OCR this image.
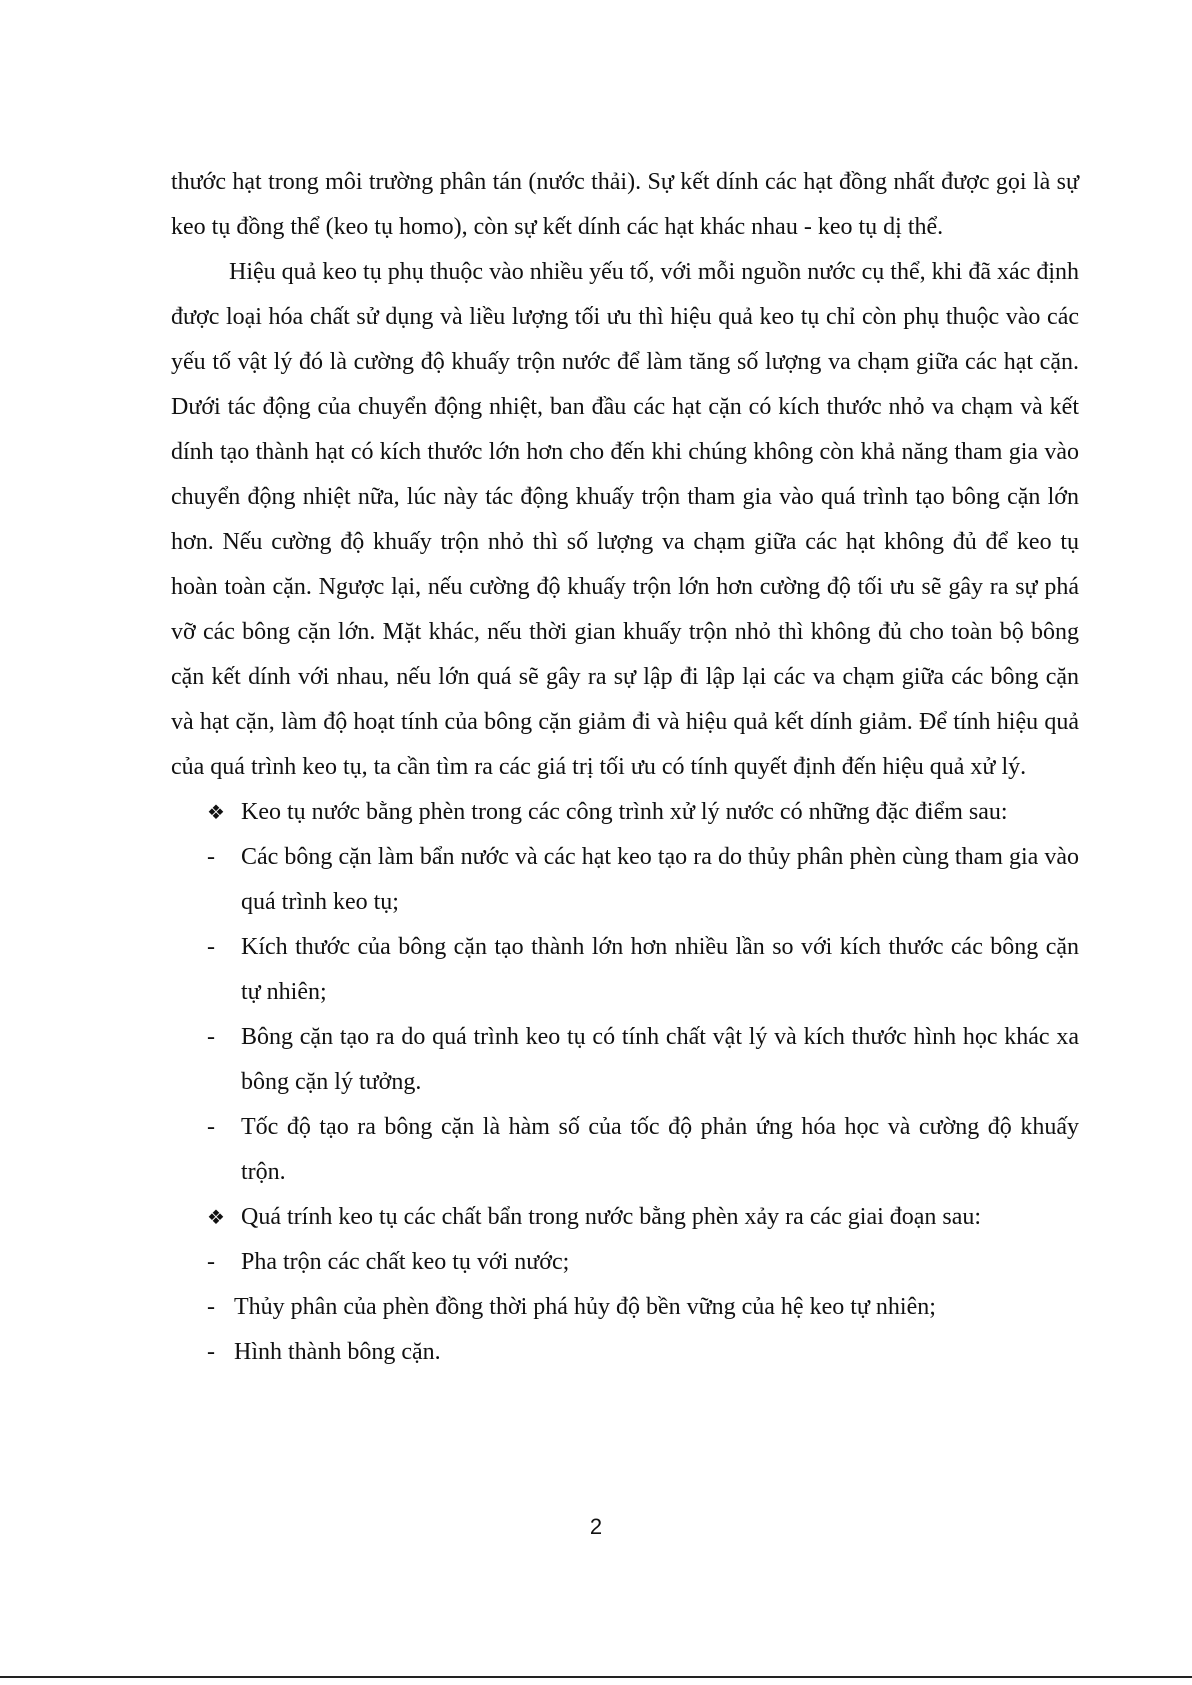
thước hạt trong môi trường phân tán (nước thải). Sự kết dính các hạt đồng nhất được gọi là sự keo tụ đồng thể (keo tụ homo), còn sự kết dính các hạt khác nhau - keo tụ dị thể.

Hiệu quả keo tụ phụ thuộc vào nhiều yếu tố, với mỗi nguồn nước cụ thể, khi đã xác định được loại hóa chất sử dụng và liều lượng tối ưu thì hiệu quả keo tụ chỉ còn phụ thuộc vào các yếu tố vật lý đó là cường độ khuấy trộn nước để làm tăng số lượng va chạm giữa các hạt cặn. Dưới tác động của chuyển động nhiệt, ban đầu các hạt cặn có kích thước nhỏ va chạm và kết dính tạo thành hạt có kích thước lớn hơn cho đến khi chúng không còn khả năng tham gia vào chuyển động nhiệt nữa, lúc này tác động khuấy trộn tham gia vào quá trình tạo bông cặn lớn hơn. Nếu cường độ khuấy trộn nhỏ thì số lượng va chạm giữa các hạt không đủ để keo tụ hoàn toàn cặn. Ngược lại, nếu cường độ khuấy trộn lớn hơn cường độ tối ưu sẽ gây ra sự phá vỡ các bông cặn lớn. Mặt khác, nếu thời gian khuấy trộn nhỏ thì không đủ cho toàn bộ bông cặn kết dính với nhau, nếu lớn quá sẽ gây ra sự lập đi lập lại các va chạm giữa các bông cặn và hạt cặn, làm độ hoạt tính của bông cặn giảm đi và hiệu quả kết dính giảm. Để tính hiệu quả của quá trình keo tụ, ta cần tìm ra các giá trị tối ưu có tính quyết định đến hiệu quả xử lý.

❖ Keo tụ nước bằng phèn trong các công trình xử lý nước có những đặc điểm sau:

- Các bông cặn làm bẩn nước và các hạt keo tạo ra do thủy phân phèn cùng tham gia vào quá trình keo tụ;

- Kích thước của bông cặn tạo thành lớn hơn nhiều lần so với kích thước các bông cặn tự nhiên;

- Bông cặn tạo ra do quá trình keo tụ có tính chất vật lý và kích thước hình học khác xa bông cặn lý tưởng.

- Tốc độ tạo ra bông cặn là hàm số của tốc độ phản ứng hóa học và cường độ khuấy trộn.

❖ Quá trính keo tụ các chất bẩn trong nước bằng phèn xảy ra các giai đoạn sau:

- Pha trộn các chất keo tụ với nước;

- Thủy phân của phèn đồng thời phá hủy độ bền vững của hệ keo tự nhiên;

- Hình thành bông cặn.

2
